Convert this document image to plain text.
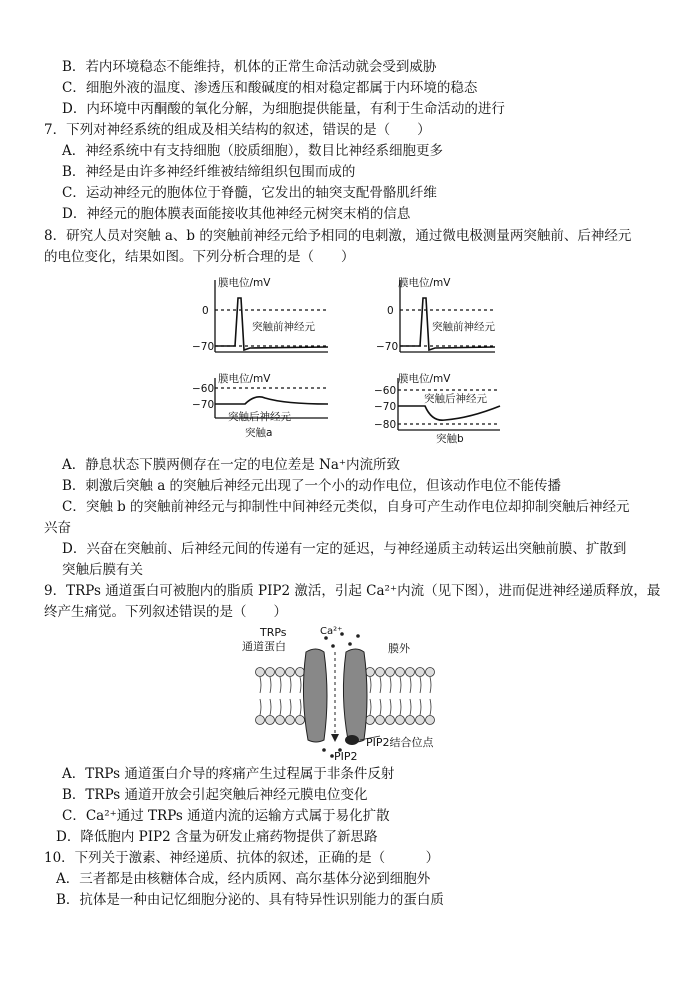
B．若内环境稳态不能维持，机体的正常生命活动就会受到威胁
C．细胞外液的温度、渗透压和酸碱度的相对稳定都属于内环境的稳态
D．内环境中丙酮酸的氧化分解，为细胞提供能量，有利于生命活动的进行
7．下列对神经系统的组成及相关结构的叙述，错误的是（　　）
A．神经系统中有支持细胞（胶质细胞），数目比神经系细胞更多
B．神经是由许多神经纤维被结缔组织包围而成的
C．运动神经元的胞体位于脊髓，它发出的轴突支配骨骼肌纤维
D．神经元的胞体膜表面能接收其他神经元树突末梢的信息
8．研究人员对突触 a、b 的突触前神经元给予相同的电刺激，通过微电极测量两突触前、后神经元
的电位变化，结果如图。下列分析合理的是（　　）
膜电位/mV
0
−70
突触前神经元
膜电位/mV
0
−70
突触前神经元
膜电位/mV
−60
−70
突触后神经元
突触a
膜电位/mV
−60
−70
−80
突触后神经元
突触b
A．静息状态下膜两侧存在一定的电位差是 Na⁺内流所致
B．刺激后突触 a 的突触后神经元出现了一个小的动作电位，但该动作电位不能传播
C．突触 b 的突触前神经元与抑制性中间神经元类似，自身可产生动作电位却抑制突触后神经元
兴奋
D．兴奋在突触前、后神经元间的传递有一定的延迟，与神经递质主动转运出突触前膜、扩散到
突触后膜有关
9．TRPs 通道蛋白可被胞内的脂质 PIP2 激活，引起 Ca²⁺内流（见下图），进而促进神经递质释放，最
终产生痛觉。下列叙述错误的是（　　）
TRPs
通道蛋白
Ca²⁺
膜外
PIP2结合位点
PIP2
A．TRPs 通道蛋白介导的疼痛产生过程属于非条件反射
B．TRPs 通道开放会引起突触后神经元膜电位变化
C．Ca²⁺通过 TRPs 通道内流的运输方式属于易化扩散
D．降低胞内 PIP2 含量为研发止痛药物提供了新思路
10．下列关于激素、神经递质、抗体的叙述，正确的是（　　　）
A．三者都是由核糖体合成，经内质网、高尔基体分泌到细胞外
B．抗体是一种由记忆细胞分泌的、具有特异性识别能力的蛋白质
